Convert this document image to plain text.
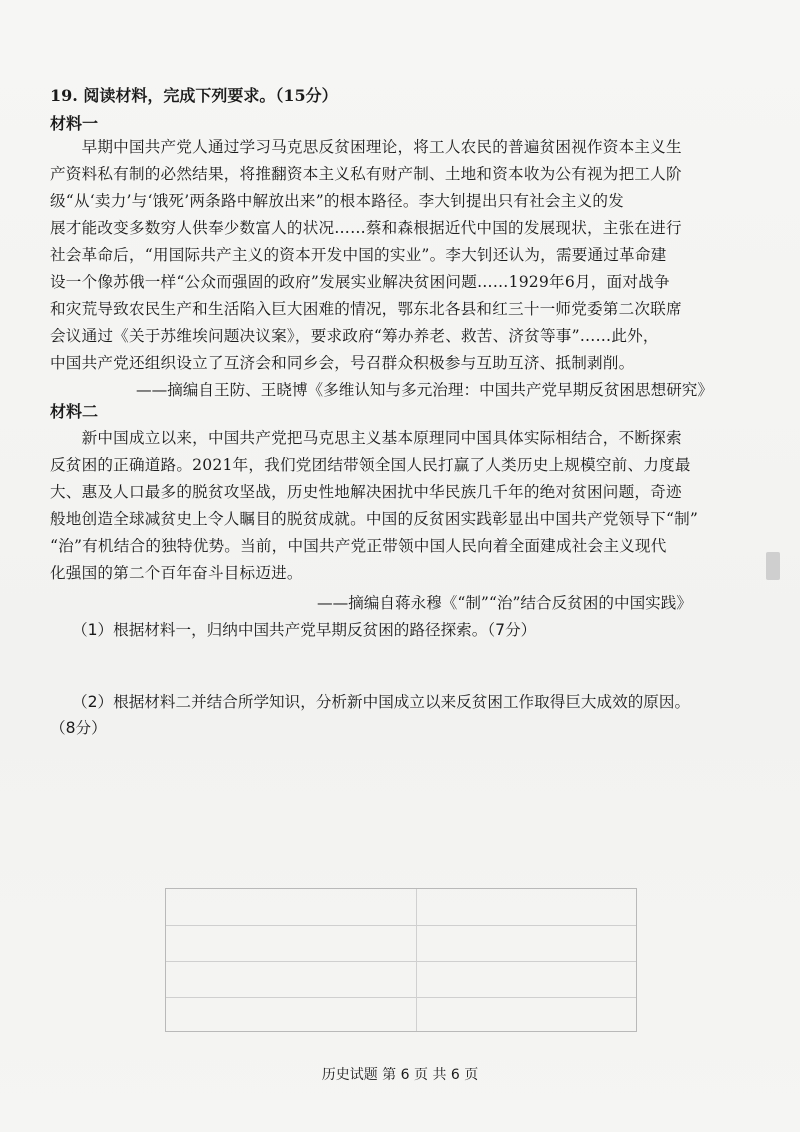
19. 阅读材料，完成下列要求。（15分）
材料一
　　早期中国共产党人通过学习马克思反贫困理论，将工人农民的普遍贫困视作资本主义生
产资料私有制的必然结果，将推翻资本主义私有财产制、土地和资本收为公有视为把工人阶
级“从‘卖力’与‘饿死’两条路中解放出来”的根本路径。李大钊提出只有社会主义的发
展才能改变多数穷人供奉少数富人的状况……蔡和森根据近代中国的发展现状，主张在进行
社会革命后，“用国际共产主义的资本开发中国的实业”。李大钊还认为，需要通过革命建
设一个像苏俄一样“公众而强固的政府”发展实业解决贫困问题……1929年6月，面对战争
和灾荒导致农民生产和生活陷入巨大困难的情况，鄂东北各县和红三十一师党委第二次联席
会议通过《关于苏维埃问题决议案》，要求政府“筹办养老、救苦、济贫等事”……此外，
中国共产党还组织设立了互济会和同乡会，号召群众积极参与互助互济、抵制剥削。
——摘编自王防、王晓博《多维认知与多元治理：中国共产党早期反贫困思想研究》
材料二
　　新中国成立以来，中国共产党把马克思主义基本原理同中国具体实际相结合，不断探索
反贫困的正确道路。2021年，我们党团结带领全国人民打赢了人类历史上规模空前、力度最
大、惠及人口最多的脱贫攻坚战，历史性地解决困扰中华民族几千年的绝对贫困问题，奇迹
般地创造全球减贫史上令人瞩目的脱贫成就。中国的反贫困实践彰显出中国共产党领导下“制”
“治”有机结合的独特优势。当前，中国共产党正带领中国人民向着全面建成社会主义现代
化强国的第二个百年奋斗目标迈进。
——摘编自蒋永穆《“制”“治”结合反贫困的中国实践》
（1）根据材料一，归纳中国共产党早期反贫困的路径探索。（7分）
（2）根据材料二并结合所学知识，分析新中国成立以来反贫困工作取得巨大成效的原因。
（8分）
历史试题 第 6 页 共 6 页
